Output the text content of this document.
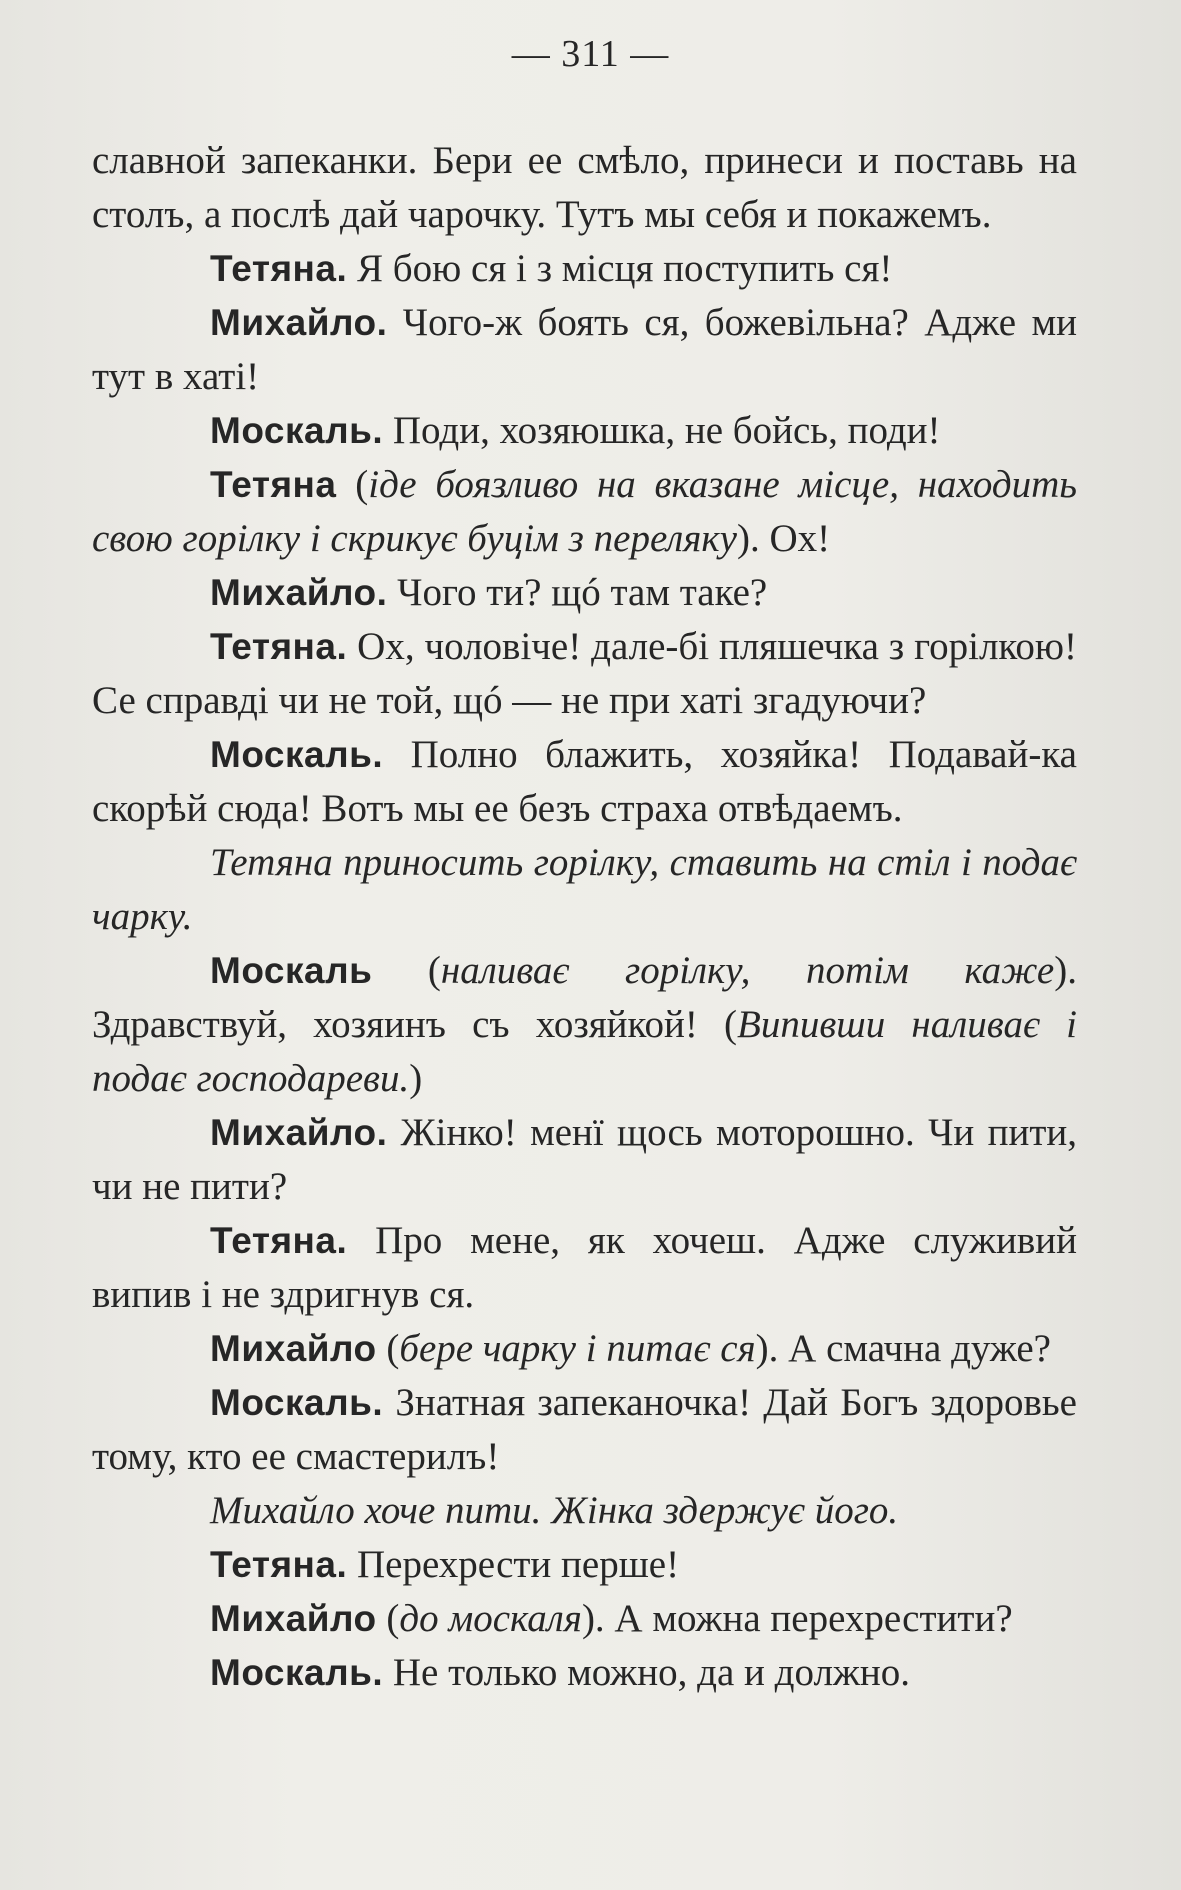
— 311 —

славной запеканки. Бери ее смѣло, принеси и поставь на столъ, а послѣ дай чарочку. Тутъ мы себя и покажемъ.

Тетяна. Я бою ся і з місця поступить ся!

Михайло. Чого-ж боять ся, божевільна? Адже ми тут в хаті!

Москаль. Поди, хозяюшка, не бойсь, поди!

Тетяна (іде боязливо на вказане місце, находить свою горілку і скрикує буцім з переляку). Ох!

Михайло. Чого ти? щó там таке?

Тетяна. Ох, чоловіче! дале-бі пляшечка з горілкою! Се справді чи не той, щó — не при хаті згадуючи?

Москаль. Полно блажить, хозяйка! Подавай-ка скорѣй сюда! Вотъ мы ее безъ страха отвѣдаемъ.

Тетяна приносить горілку, ставить на стіл і подає чарку.

Москаль (наливає горілку, потім каже). Здравствуй, хозяинъ съ хозяйкой! (Випивши наливає і подає господареви.)

Михайло. Жінко! менї щось моторошно. Чи пити, чи не пити?

Тетяна. Про мене, як хочеш. Адже служивий випив і не здригнув ся.

Михайло (бере чарку і питає ся). А смачна дуже?

Москаль. Знатная запеканочка! Дай Богъ здоровье тому, кто ее смастерилъ!

Михайло хоче пити. Жінка здержує його.

Тетяна. Перехрести перше!

Михайло (до москаля). А можна перехрестити?

Москаль. Не только можно, да и должно.
